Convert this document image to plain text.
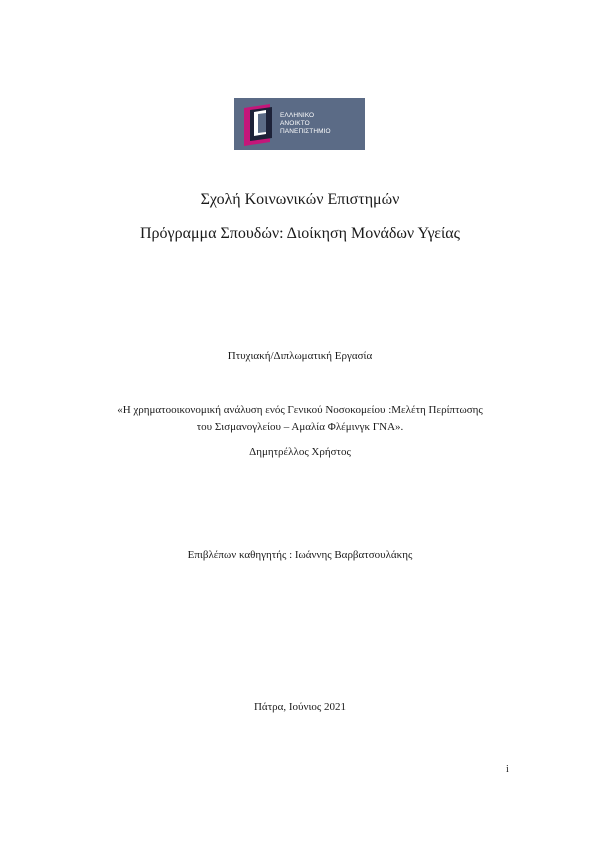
ΕΛΛΗΝΙΚΟ
ΑΝΟΙΚΤΟ
ΠΑΝΕΠΙΣΤΗΜΙΟ
Σχολή Κοινωνικών Επιστημών
Πρόγραμμα Σπουδών: Διοίκηση Μονάδων Υγείας
Πτυχιακή/Διπλωματική Εργασία
«Η χρηματοοικονομική ανάλυση ενός Γενικού Νοσοκομείου :Μελέτη Περίπτωσης
του Σισμανογλείου – Αμαλία Φλέμινγκ ΓΝΑ».
Δημητρέλλος Χρήστος
Επιβλέπων καθηγητής : Ιωάννης Βαρβατσουλάκης
Πάτρα, Ιούνιος 2021
i
